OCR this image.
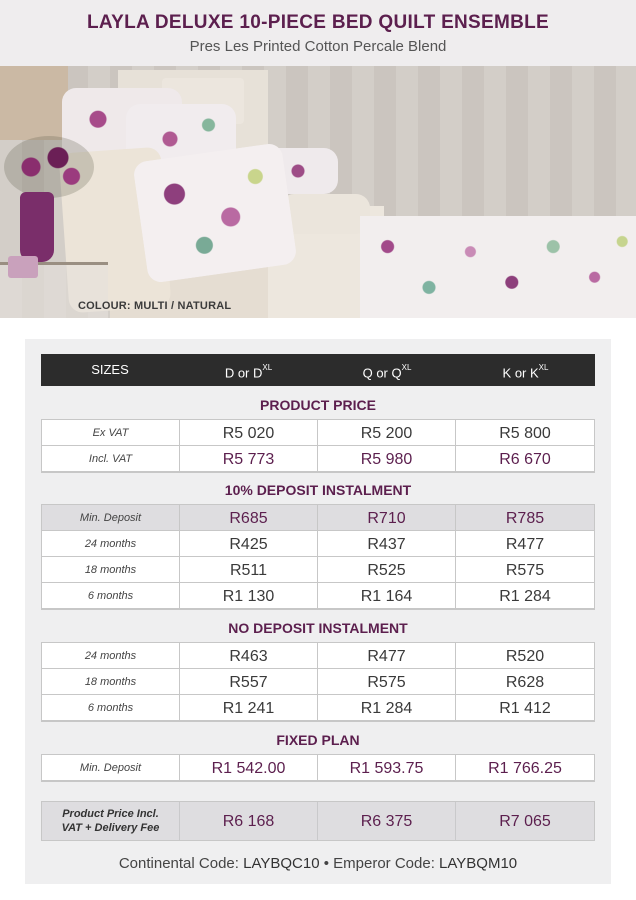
LAYLA DELUXE 10-PIECE BED QUILT ENSEMBLE
Pres Les Printed Cotton Percale Blend
COLOUR: MULTI / NATURAL
SIZES	D or $D^{XL}$	Q or $Q^{XL}$	K or $K^{XL}$
PRODUCT PRICE
Ex VAT	R5 020	R5 200	R5 800
Incl. VAT	R5 773	R5 980	R6 670
10% DEPOSIT INSTALMENT
Min. Deposit	R685	R710	R785
24 months	R425	R437	R477
18 months	R511	R525	R575
6 months	R1 130	R1 164	R1 284
NO DEPOSIT INSTALMENT
24 months	R463	R477	R520
18 months	R557	R575	R628
6 months	R1 241	R1 284	R1 412
FIXED PLAN
Min. Deposit	R1 542.00	R1 593.75	R1 766.25
Product Price Incl.
VAT + Delivery Fee	R6 168	R6 375	R7 065
Continental Code: LAYBQC10 • Emperor Code: LAYBQM10
